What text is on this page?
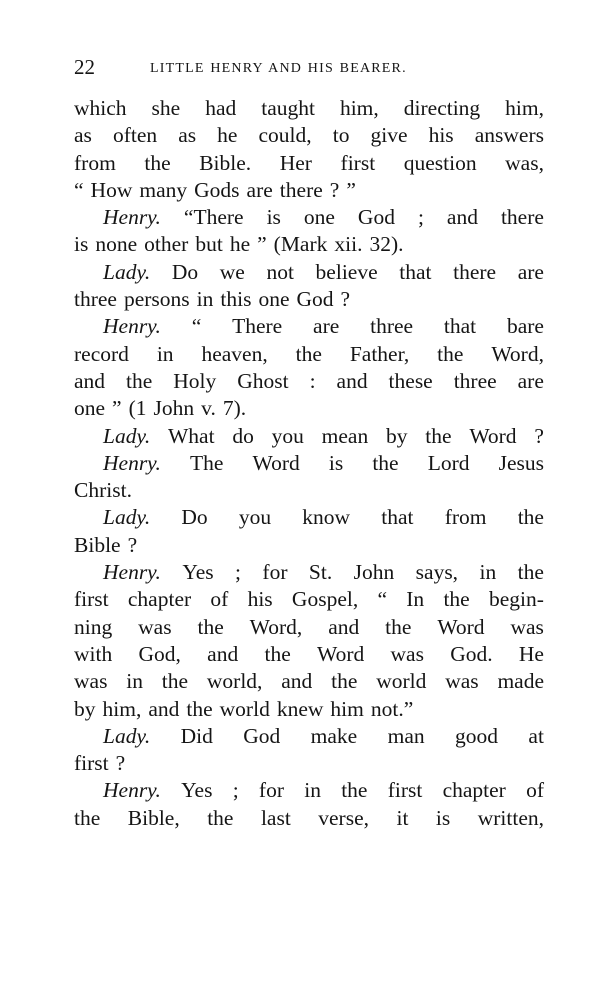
22	LITTLE HENRY AND HIS BEARER.
which she had taught him, directing him,
as often as he could, to give his answers
from the Bible. Her first question was,
“ How many Gods are there ? ”
Henry. “There is one God ; and there
is none other but he ” (Mark xii. 32).
Lady. Do we not believe that there are
three persons in this one God ?
Henry. “ There are three that bare
record in heaven, the Father, the Word,
and the Holy Ghost : and these three are
one ” (1 John v. 7).
Lady. What do you mean by the Word ?
Henry. The Word is the Lord Jesus
Christ.
Lady. Do you know that from the
Bible ?
Henry. Yes ; for St. John says, in the
first chapter of his Gospel, “ In the begin-
ning was the Word, and the Word was
with God, and the Word was God. He
was in the world, and the world was made
by him, and the world knew him not.”
Lady. Did God make man good at
first ?
Henry. Yes ; for in the first chapter of
the Bible, the last verse, it is written,
